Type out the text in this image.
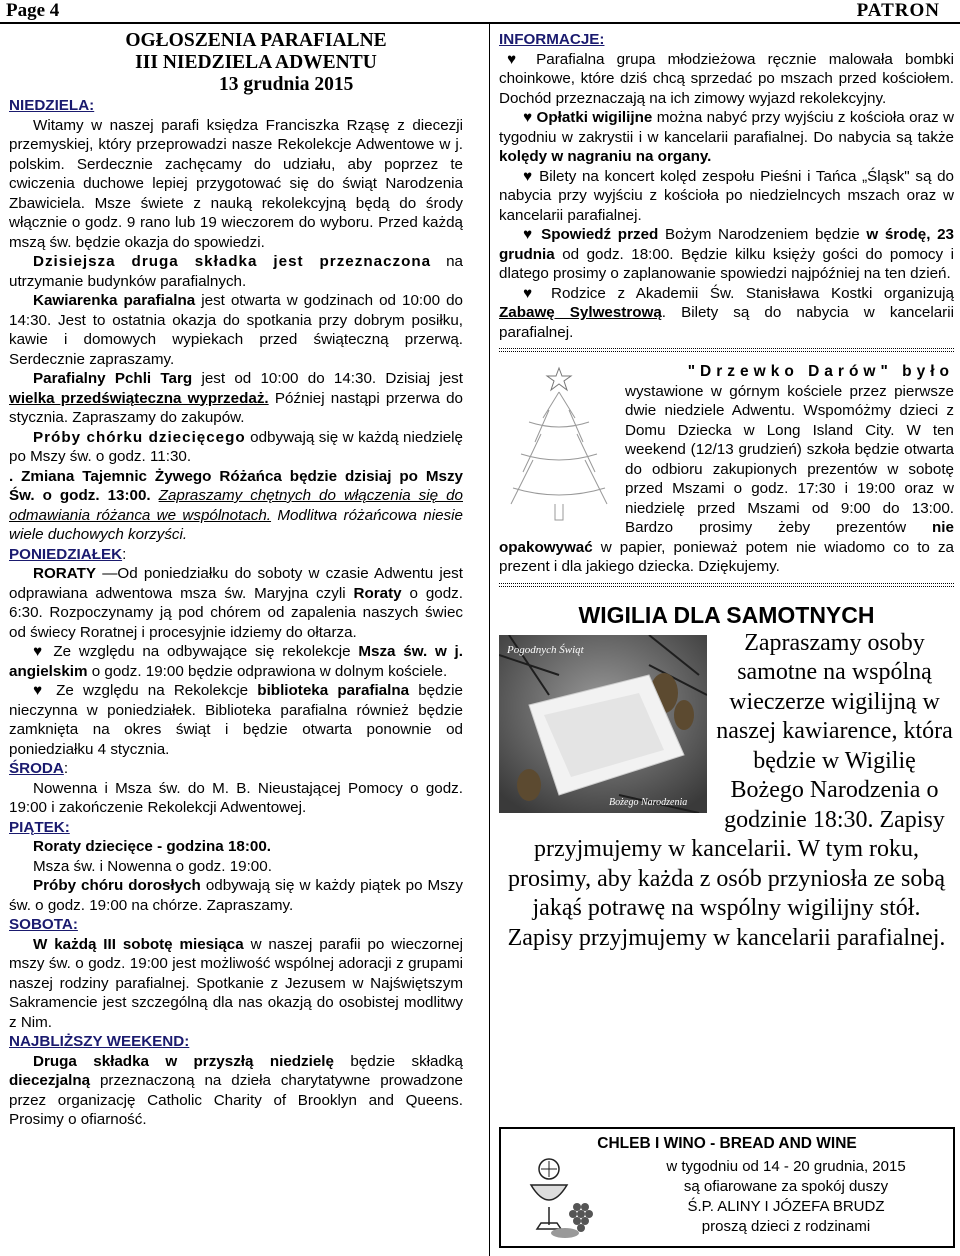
Page 4	PATRON
OGŁOSZENIA PARAFIALNE
III NIEDZIELA ADWENTU
13 grudnia 2015
NIEDZIELA:

Witamy w naszej parafi księdza Franciszka Rząsę z diecezji przemyskiej, który przeprowadzi nasze Rekolekcje Adwentowe w j. polskim. Serdecznie zachęcamy do udziału, aby poprzez te cwiczenia duchowe lepiej przygotować się do świąt Narodzenia Zbawiciela. Msze świete z nauką rekolekcyjną będą do środy włącznie o godz. 9 rano lub 19 wieczorem do wyboru. Przed każdą mszą św. będzie okazja do spowiedzi.

Dzisiejsza druga składka jest przeznaczona na utrzymanie budynków parafialnych.

Kawiarenka parafialna jest otwarta w godzinach od 10:00 do 14:30. Jest to ostatnia okazja do spotkania przy dobrym posiłku, kawie i domowych wypiekach przed świąteczną przerwą. Serdecznie zapraszamy.

Parafialny Pchli Targ jest od 10:00 do 14:30. Dzisiaj jest wielka przedświąteczna wyprzedaż. Później nastąpi przerwa do stycznia. Zapraszamy do zakupów.

Próby chórku dziecięcego odbywają się w każdą niedzielę po Mszy św. o godz. 11:30.

. Zmiana Tajemnic Żywego Różańca będzie dzisiaj po Mszy Św. o godz. 13:00. Zapraszamy chętnych do włączenia się do odmawiania różanca we wspólnotach. Modlitwa różańcowa niesie wiele duchowych korzyści.

PONIEDZIAŁEK:

RORATY —Od poniedziałku do soboty w czasie Adwentu jest odprawiana adwentowa msza św. Maryjna czyli Roraty o godz. 6:30. Rozpoczynamy ją pod chórem od zapalenia naszych świec od świecy Roratnej i procesyjnie idziemy do ołtarza.

♥ Ze względu na odbywające się rekolekcje Msza św. w j. angielskim o godz. 19:00 będzie odprawiona w dolnym kościele.

♥ Ze względu na Rekolekcje biblioteka parafialna będzie nieczynna w poniedziałek. Biblioteka parafialna również będzie zamknięta na okres świąt i będzie otwarta ponownie od poniedziałku 4 stycznia.

ŚRODA:

Nowenna i Msza św. do M. B. Nieustającej Pomocy o godz. 19:00 i zakończenie Rekolekcji Adwentowej.

PIĄTEK:

Roraty dziecięce - godzina 18:00.

Msza św. i Nowenna o godz. 19:00.

Próby chóru dorosłych odbywają się w każdy piątek po Mszy św. o godz. 19:00 na chórze. Zapraszamy.

SOBOTA:

W każdą III sobotę miesiąca w naszej parafii po wieczornej mszy św. o godz. 19:00 jest możliwość wspólnej adoracji z grupami naszej rodziny parafialnej. Spotkanie z Jezusem w Najświętszym Sakramencie jest szczególną dla nas okazją do osobistej modlitwy z Nim.

NAJBLIŻSZY WEEKEND:

Druga składka w przyszłą niedzielę będzie składką diecezjalną przeznaczoną na dzieła charytatywne prowadzone przez organizację Catholic Charity of Brooklyn and Queens. Prosimy o ofiarność.

INFORMACJE:

♥ Parafialna grupa młodzieżowa ręcznie malowała bombki choinkowe, które dziś chcą sprzedać po mszach przed kościołem. Dochód przeznaczają na ich zimowy wyjazd rekolekcyjny.

♥ Opłatki wigilijne można nabyć przy wyjściu z kościoła oraz w tygodniu w zakrystii i w kancelarii parafialnej. Do nabycia są także kolędy w nagraniu na organy.

♥ Bilety na koncert kolęd zespołu Pieśni i Tańca „Śląsk" są do nabycia przy wyjściu z kościoła po niedzielncych mszach oraz w kancelarii parafialnej.

♥ Spowiedź przed Bożym Narodzeniem będzie w środę, 23 grudnia od godz. 18:00. Będzie kilku księży gości do pomocy i dlatego prosimy o zaplanowanie spowiedzi najpóźniej na ten dzień.

♥ Rodzice z Akademii Św. Stanisława Kostki organizują Zabawę Sylwestrową. Bilety są do nabycia w kancelarii parafialnej.

"Drzewko Darów" było

wystawione w górnym kościele przez pierwsze dwie niedziele Adwentu. Wspomóżmy dzieci z Domu Dziecka w Long Island City. W ten weekend (12/13 grudzień) szkoła będzie otwarta do odbioru zakupionych prezentów w sobotę przed Mszami o godz. 17:30 i 19:00 oraz w niedzielę przed Mszami od 9:00 do 13:00. Bardzo prosimy żeby prezentów nie opakowywać w papier, ponieważ potem nie wiadomo co to za prezent i dla jakiego dziecka. Dziękujemy.

WIGILIA DLA SAMOTNYCH
Pogodnych Świąt
Bożego Narodzenia
Zapraszamy osoby samotne na wspólną wieczerze wigilijną w naszej kawiarence, która będzie w Wigilię Bożego Narodzenia o godzinie 18:30. Zapisy przyjmujemy w kancelarii. W tym roku, prosimy, aby każda z osób przyniosła ze sobą jakąś potrawę na wspólny wigilijny stół. Zapisy przyjmujemy w kancelarii parafialnej.
CHLEB I WINO - BREAD AND WINE
w tygodniu od 14 - 20 grudnia, 2015
są ofiarowane za spokój duszy
Ś.P. ALINY I JÓZEFA BRUDZ
proszą dzieci z rodzinami
